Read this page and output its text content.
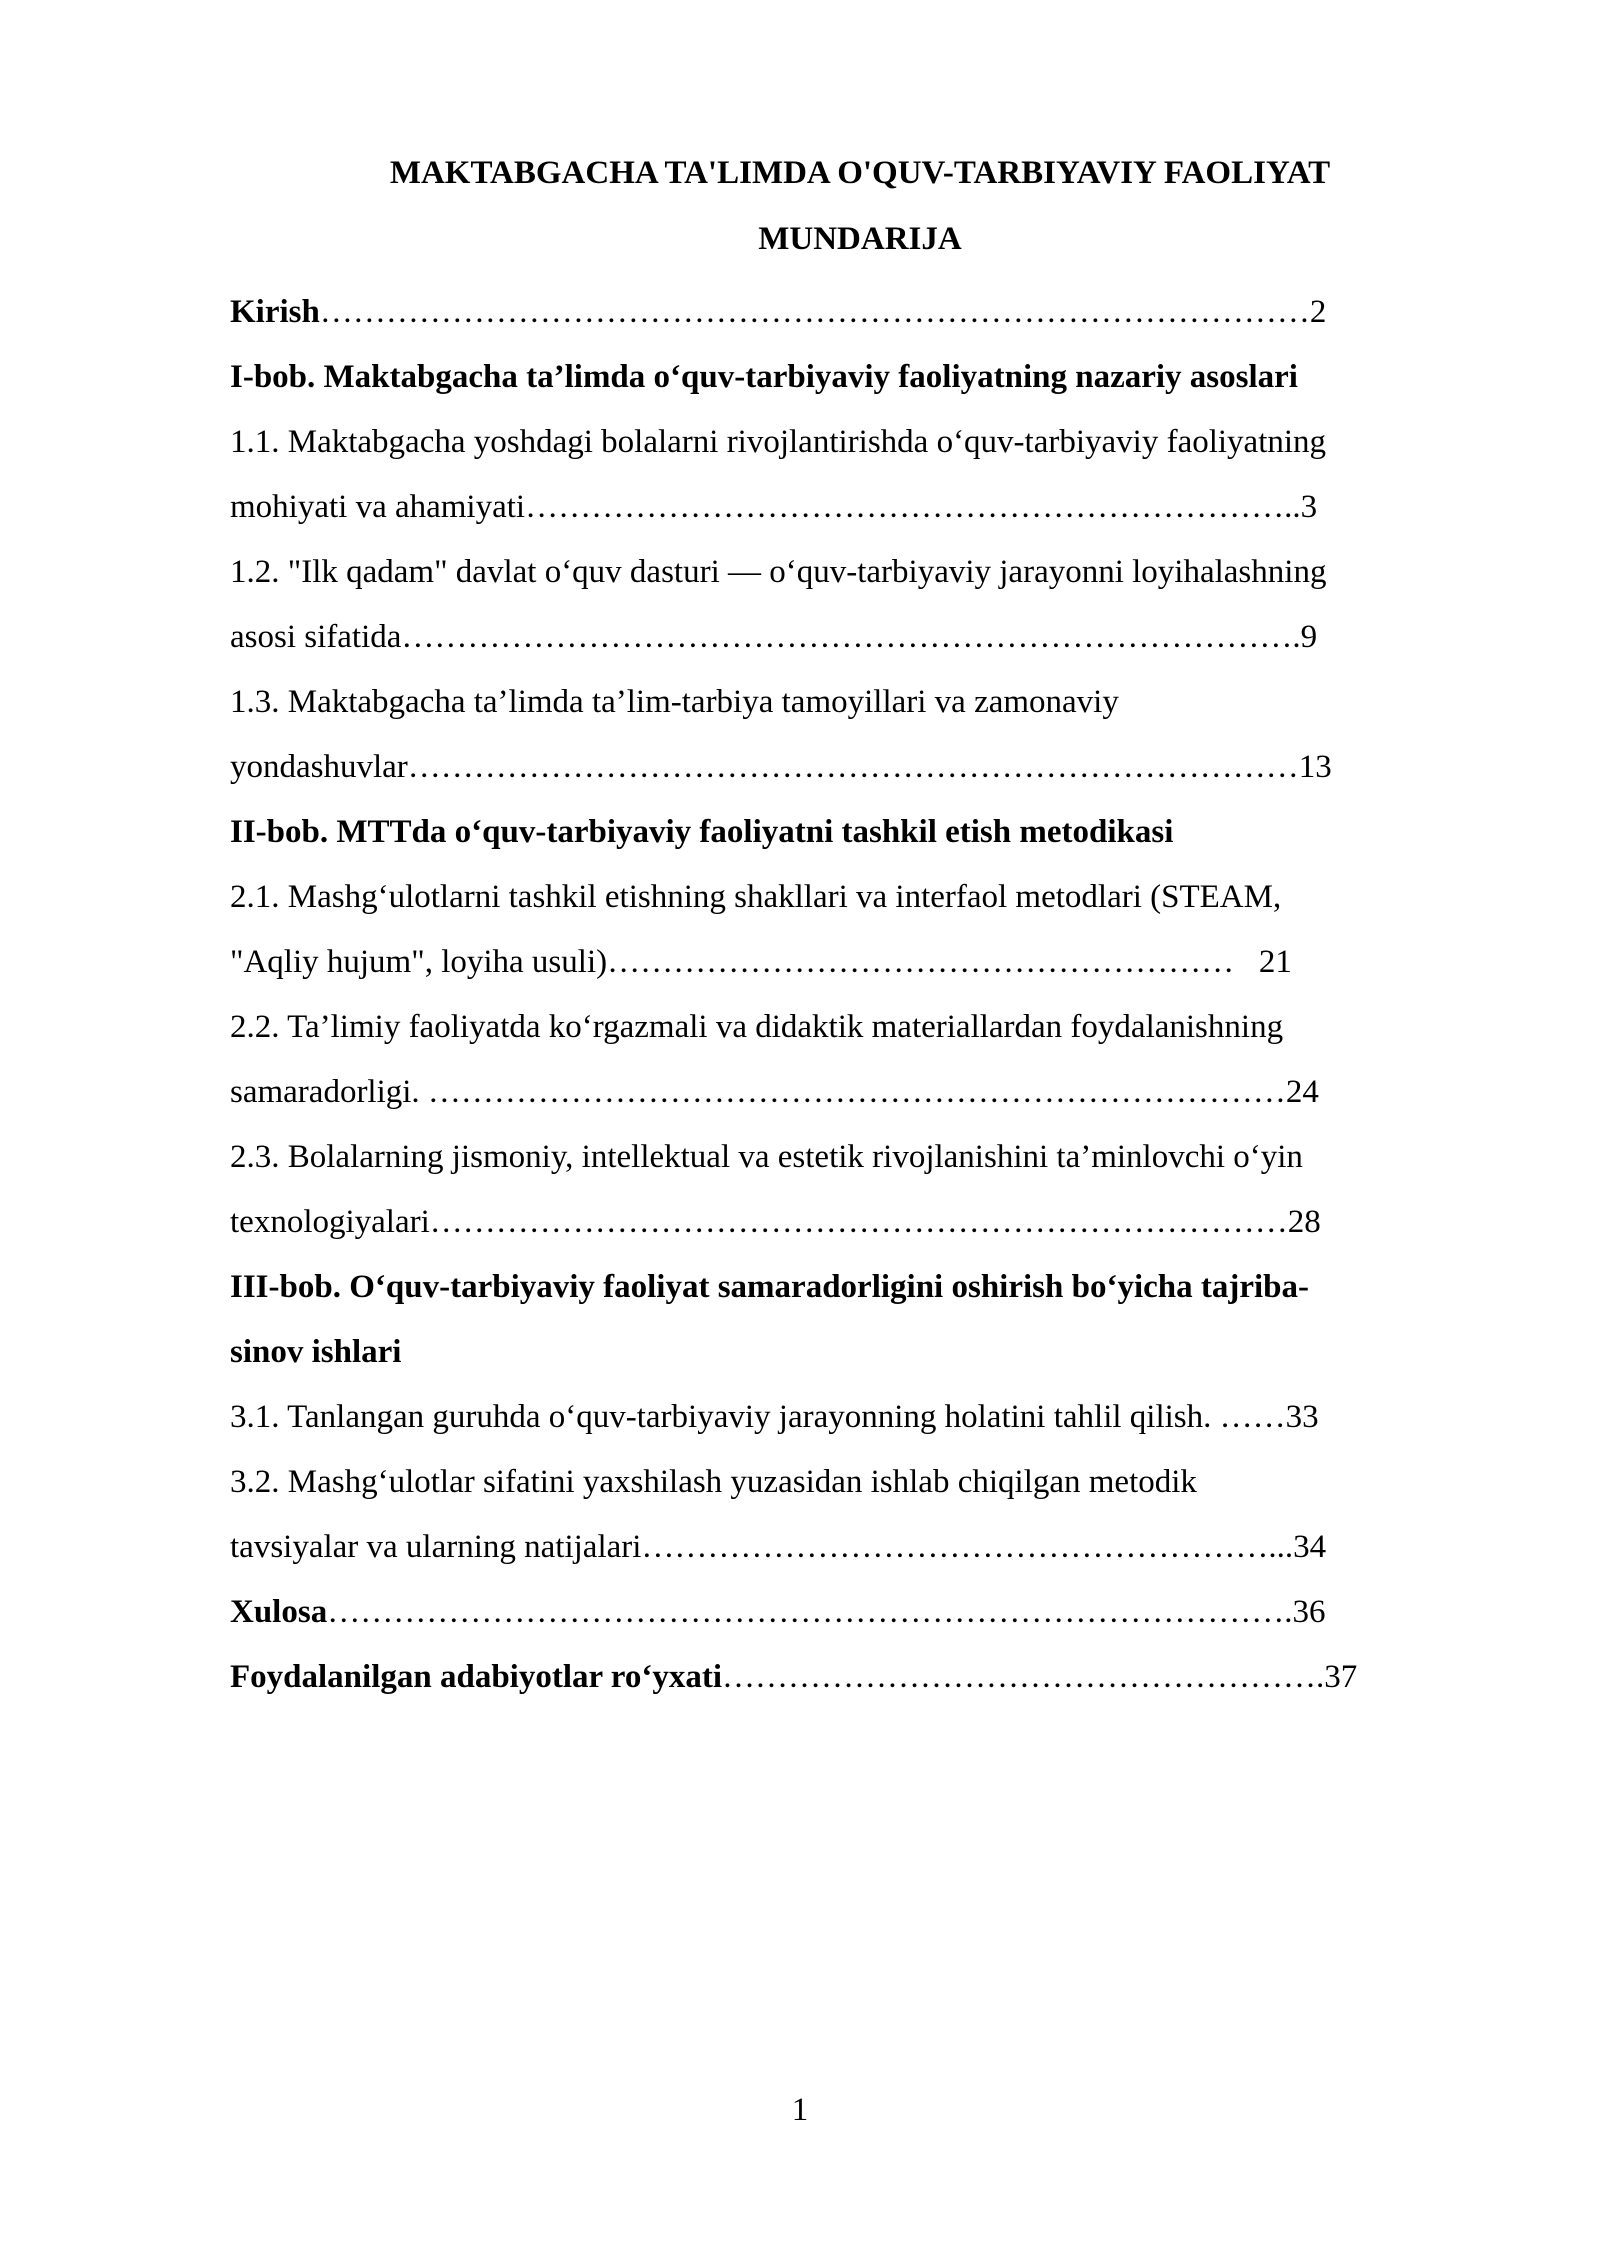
MAKTABGACHA TA'LIMDA O'QUV-TARBIYAVIY FAOLIYAT
MUNDARIJA
Kirish………………………………………………………………………………2
I-bob. Maktabgacha ta’limda o‘quv-tarbiyaviy faoliyatning nazariy asoslari
1.1. Maktabgacha yoshdagi bolalarni rivojlantirishda o‘quv-tarbiyaviy faoliyatning
mohiyati va ahamiyati……………………………………………………………..3
1.2. "Ilk qadam" davlat o‘quv dasturi — o‘quv-tarbiyaviy jarayonni loyihalashning
asosi sifatida……………………………………………………………………….9
1.3. Maktabgacha ta’limda ta’lim-tarbiya tamoyillari va zamonaviy
yondashuvlar………………………………………………………………………13
II-bob. MTTda o‘quv-tarbiyaviy faoliyatni tashkil etish metodikasi
2.1. Mashg‘ulotlarni tashkil etishning shakllari va interfaol metodlari (STEAM,
"Aqliy hujum", loyiha usuli)…………………………………………………   21
2.2. Ta’limiy faoliyatda ko‘rgazmali va didaktik materiallardan foydalanishning
samaradorligi. ……………………………………………………………………24
2.3. Bolalarning jismoniy, intellektual va estetik rivojlanishini ta’minlovchi o‘yin
texnologiyalari……………………………………………………………………28
III-bob. O‘quv-tarbiyaviy faoliyat samaradorligini oshirish bo‘yicha tajriba-
sinov ishlari
3.1. Tanlangan guruhda o‘quv-tarbiyaviy jarayonning holatini tahlil qilish. ……33
3.2. Mashg‘ulotlar sifatini yaxshilash yuzasidan ishlab chiqilgan metodik
tavsiyalar va ularning natijalari…………………………………………………...34
Xulosa…………………………………………………………………………….36
Foydalanilgan adabiyotlar ro‘yxati……………………………………………….37
1
